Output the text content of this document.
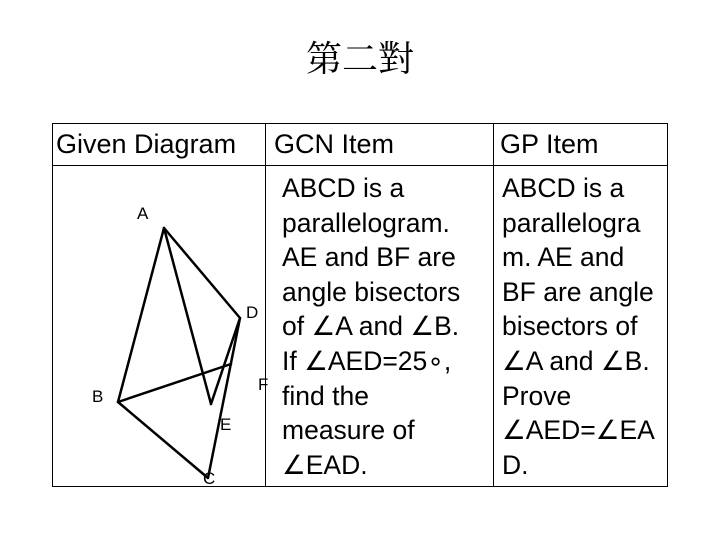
第二對
Given Diagram GCN Item	GP Item

ABCD is a

parallelogram.

AE and BF are

angle bisectors

of ∠A and ∠B.

If ∠AED=25∘,

find the

measure of

∠EAD.

ABCD is a

parallelogra

m. AE and

BF are angle

bisectors of

∠A and ∠B.

Prove

∠AED=∠EA

D.

A
B
C
D
E
F
